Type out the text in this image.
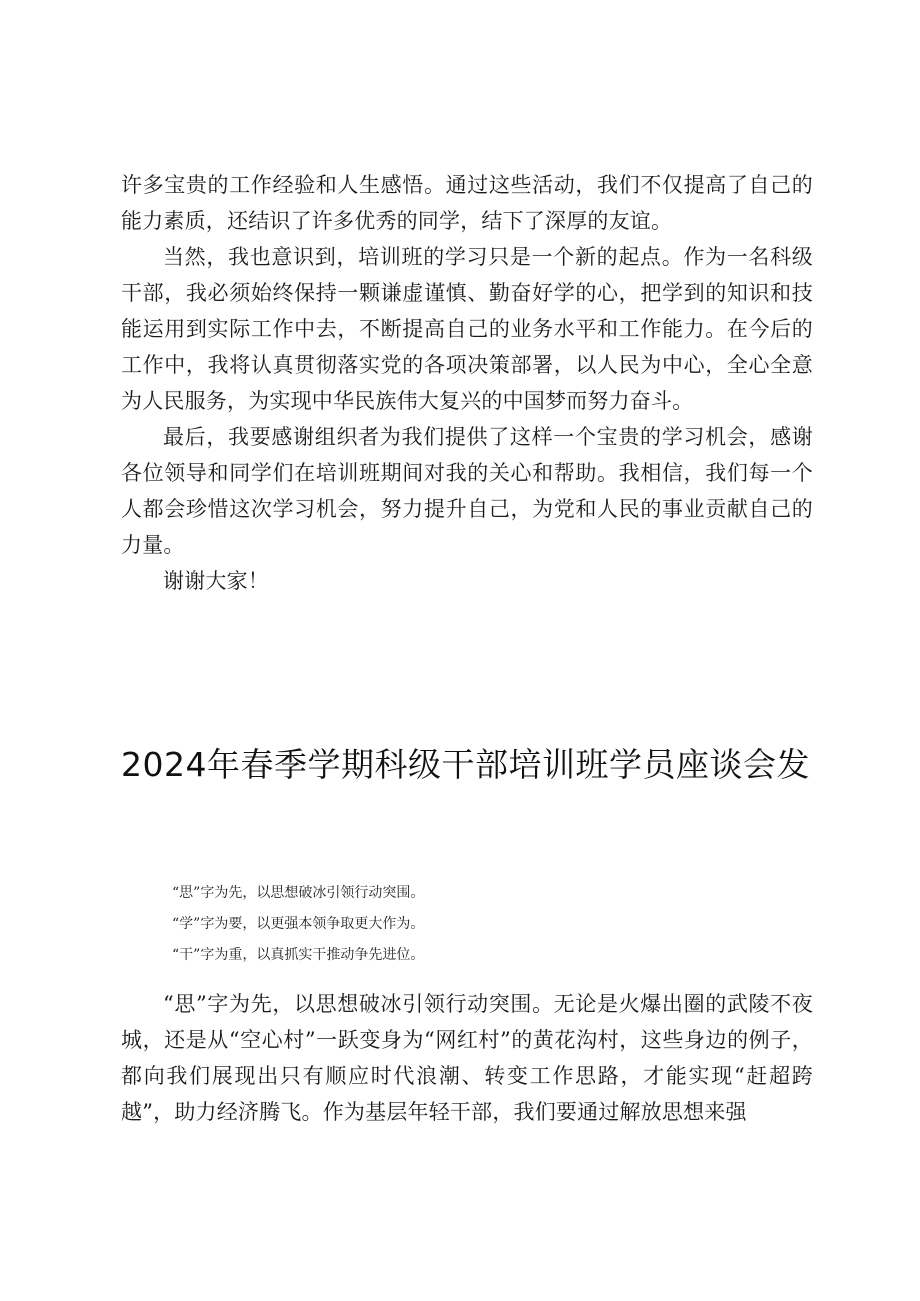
许多宝贵的工作经验和人生感悟。通过这些活动，我们不仅提高了自己的能力素质，还结识了许多优秀的同学，结下了深厚的友谊。

当然，我也意识到，培训班的学习只是一个新的起点。作为一名科级干部，我必须始终保持一颗谦虚谨慎、勤奋好学的心，把学到的知识和技能运用到实际工作中去，不断提高自己的业务水平和工作能力。在今后的工作中，我将认真贯彻落实党的各项决策部署，以人民为中心，全心全意为人民服务，为实现中华民族伟大复兴的中国梦而努力奋斗。

最后，我要感谢组织者为我们提供了这样一个宝贵的学习机会，感谢各位领导和同学们在培训班期间对我的关心和帮助。我相信，我们每一个人都会珍惜这次学习机会，努力提升自己，为党和人民的事业贡献自己的力量。

谢谢大家！

2024年春季学期科级干部培训班学员座谈会发
“思”字为先，以思想破冰引领行动突围。
“学”字为要，以更强本领争取更大作为。
“干”字为重，以真抓实干推动争先进位。

“思”字为先，以思想破冰引领行动突围。无论是火爆出圈的武陵不夜城，还是从“空心村”一跃变身为“网红村”的黄花沟村，这些身边的例子，都向我们展现出只有顺应时代浪潮、转变工作思路，才能实现“赶超跨越”，助力经济腾飞。作为基层年轻干部，我们要通过解放思想来强
